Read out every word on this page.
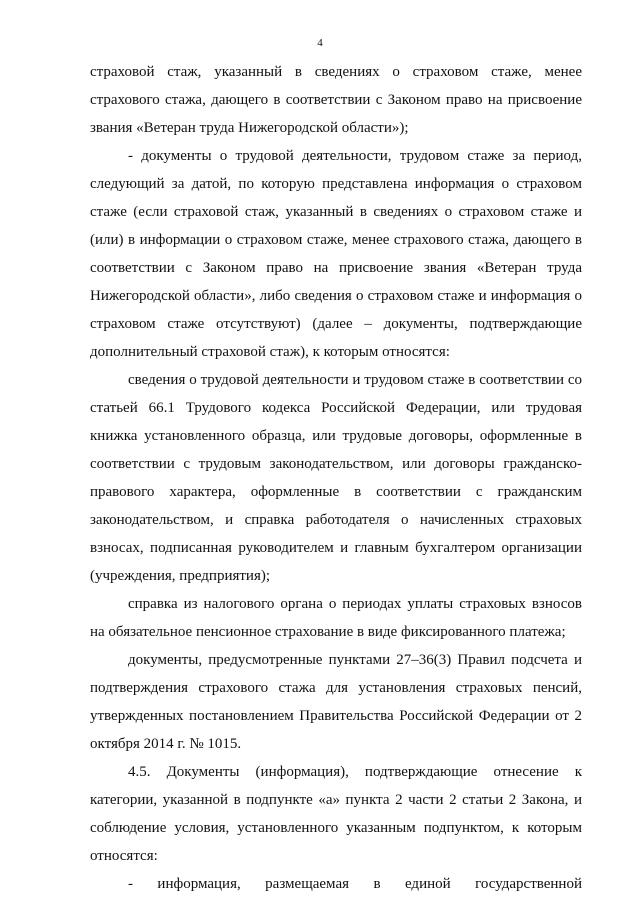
4

страховой стаж, указанный в сведениях о страховом стаже, менее страхового стажа, дающего в соответствии с Законом право на присвоение звания «Ветеран труда Нижегородской области»);

- документы о трудовой деятельности, трудовом стаже за период, следующий за датой, по которую представлена информация о страховом стаже (если страховой стаж, указанный в сведениях о страховом стаже и (или) в информации о страховом стаже, менее страхового стажа, дающего в соответствии с Законом право на присвоение звания «Ветеран труда Нижегородской области», либо сведения о страховом стаже и информация о страховом стаже отсутствуют) (далее – документы, подтверждающие дополнительный страховой стаж), к которым относятся:

сведения о трудовой деятельности и трудовом стаже в соответствии со статьей 66.1 Трудового кодекса Российской Федерации, или трудовая книжка установленного образца, или трудовые договоры, оформленные в соответствии с трудовым законодательством, или договоры гражданско-правового характера, оформленные в соответствии с гражданским законодательством, и справка работодателя о начисленных страховых взносах, подписанная руководителем и главным бухгалтером организации (учреждения, предприятия);

справка из налогового органа о периодах уплаты страховых взносов на обязательное пенсионное страхование в виде фиксированного платежа;

документы, предусмотренные пунктами 27–36(3) Правил подсчета и подтверждения страхового стажа для установления страховых пенсий, утвержденных постановлением Правительства Российской Федерации от 2 октября 2014 г. № 1015.

4.5. Документы (информация), подтверждающие отнесение к категории, указанной в подпункте «а» пункта 2 части 2 статьи 2 Закона, и соблюдение условия, установленного указанным подпунктом, к которым относятся:

- информация, размещаемая в единой государственной
